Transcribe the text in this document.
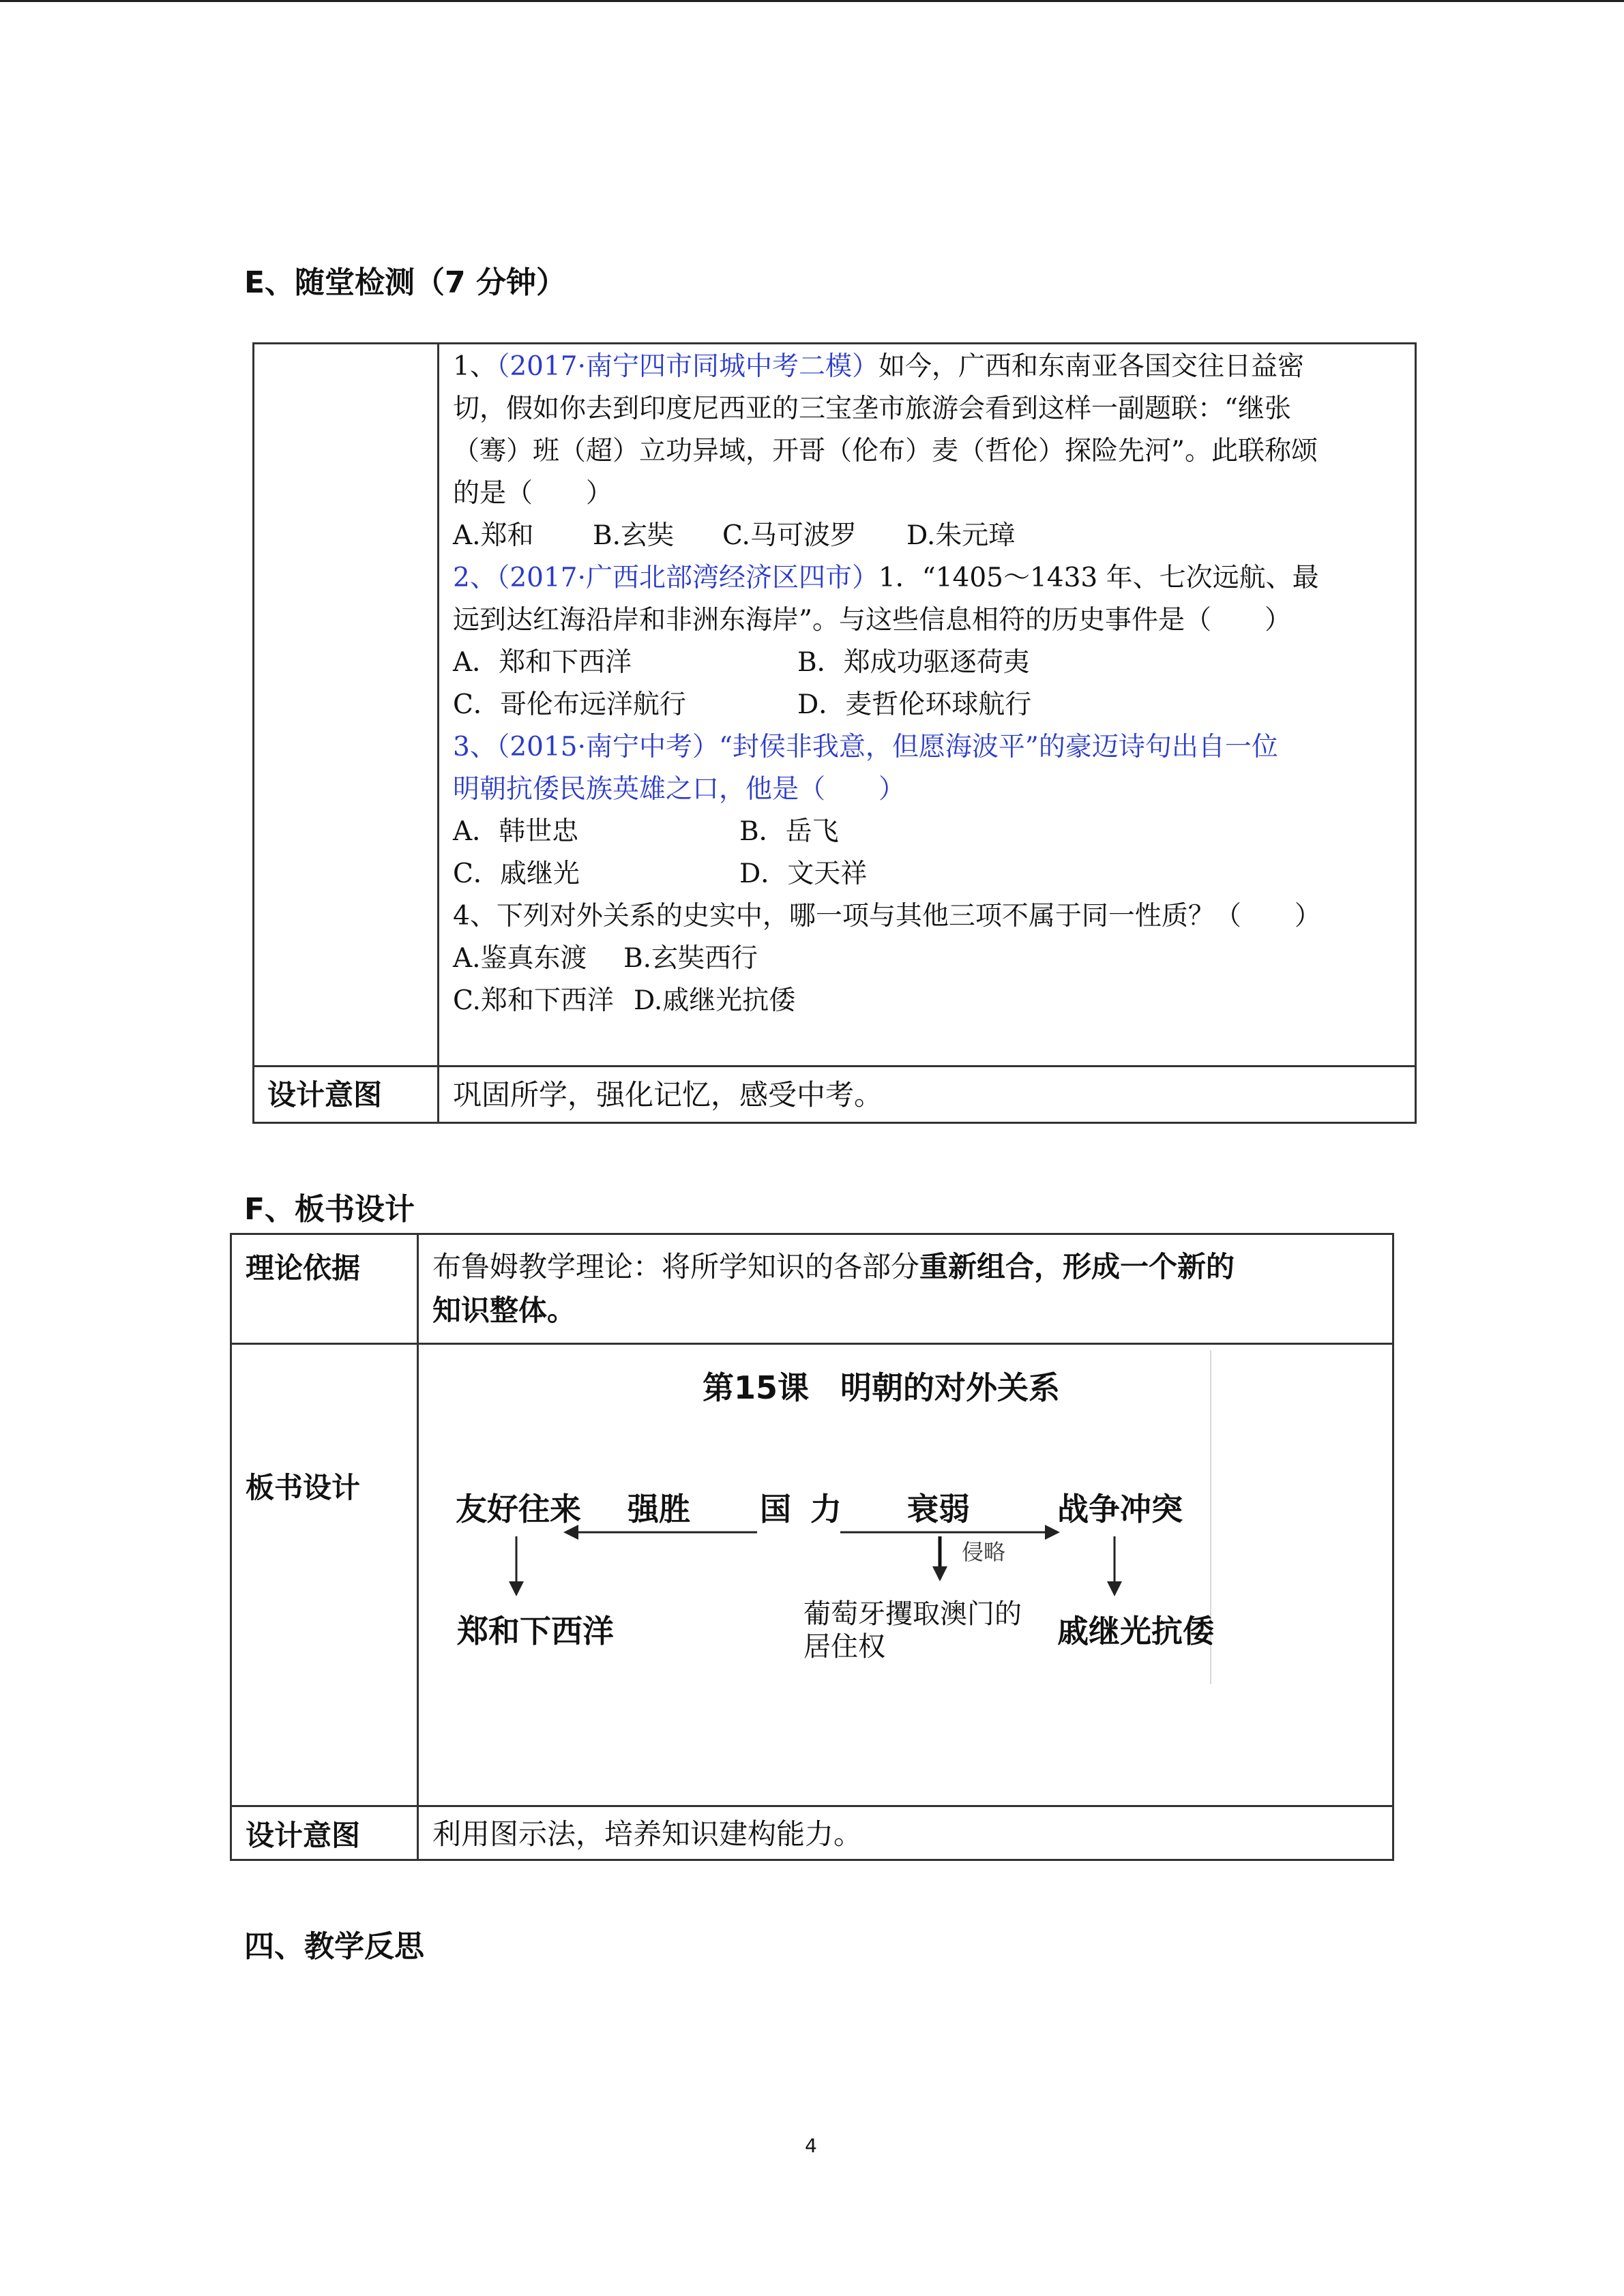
E、随堂检测（7 分钟）

1、（2017·南宁四市同城中考二模）如今，广西和东南亚各国交往日益密

切，假如你去到印度尼西亚的三宝垄市旅游会看到这样一副题联：“继张

（骞）班（超）立功异域，开哥（伦布）麦（哲伦）探险先河”。此联称颂

的是（　　）

A.郑和	B.玄奘	C.马可波罗	D.朱元璋

2、（2017·广西北部湾经济区四市）1．“1405～1433 年、七次远航、最

远到达红海沿岸和非洲东海岸”。与这些信息相符的历史事件是（　　）

A．郑和下西洋	B．郑成功驱逐荷夷
C．哥伦布远洋航行	D．麦哲伦环球航行

3、（2015·南宁中考）“封侯非我意，但愿海波平”的豪迈诗句出自一位

明朝抗倭民族英雄之口，他是（　　）

A．韩世忠	B．岳飞
C．戚继光	D．文天祥

4、下列对外关系的史实中，哪一项与其他三项不属于同一性质？（　　）

A.鉴真东渡	B.玄奘西行
C.郑和下西洋 D.戚继光抗倭
设计意图 巩固所学，强化记忆，感受中考。
F、板书设计
理论依据	布鲁姆教学理论：将所学知识的各部分重新组合，形成一个新的
知识整体。
板书设计
第15课　明朝的对外关系
友好往来 强胜 国 力 衰弱	战争冲突
侵略
郑和下西洋	葡萄牙攫取澳门的
居住权	戚继光抗倭
设计意图	利用图示法，培养知识建构能力。
四、教学反思
4
